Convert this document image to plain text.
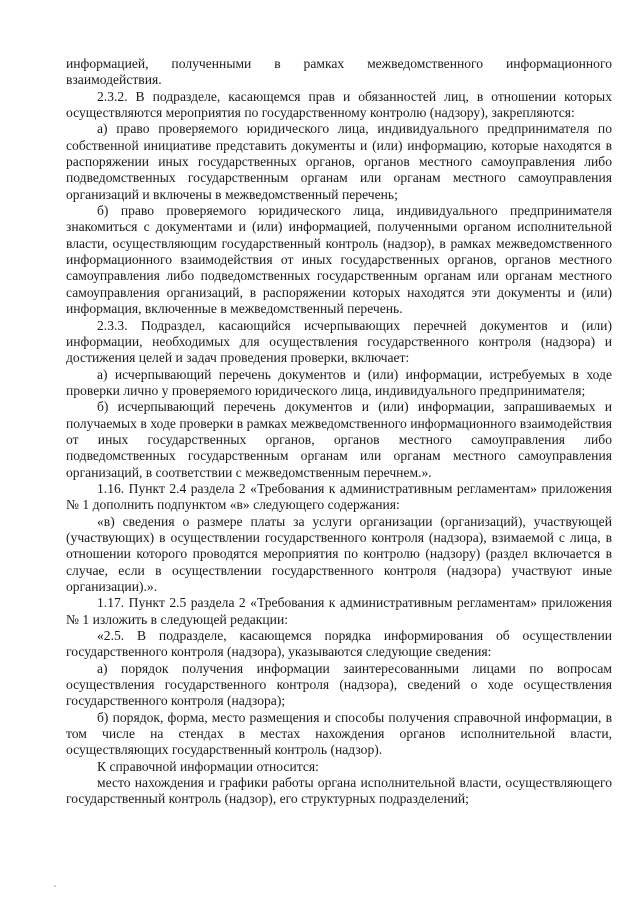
информацией, полученными в рамках межведомственного информационного взаимодействия.

2.3.2. В подразделе, касающемся прав и обязанностей лиц, в отношении которых осуществляются мероприятия по государственному контролю (надзору), закрепляются:

а) право проверяемого юридического лица, индивидуального предпринимателя по собственной инициативе представить документы и (или) информацию, которые находятся в распоряжении иных государственных органов, органов местного самоуправления либо подведомственных государственным органам или органам местного самоуправления организаций и включены в межведомственный перечень;

б) право проверяемого юридического лица, индивидуального предпринимателя знакомиться с документами и (или) информацией, полученными органом исполнительной власти, осуществляющим государственный контроль (надзор), в рамках межведомственного информационного взаимодействия от иных государственных органов, органов местного самоуправления либо подведомственных государственным органам или органам местного самоуправления организаций, в распоряжении которых находятся эти документы и (или) информация, включенные в межведомственный перечень.

2.3.3. Подраздел, касающийся исчерпывающих перечней документов и (или) информации, необходимых для осуществления государственного контроля (надзора) и достижения целей и задач проведения проверки, включает:

а) исчерпывающий перечень документов и (или) информации, истребуемых в ходе проверки лично у проверяемого юридического лица, индивидуального предпринимателя;

б) исчерпывающий перечень документов и (или) информации, запрашиваемых и получаемых в ходе проверки в рамках межведомственного информационного взаимодействия от иных государственных органов, органов местного самоуправления либо подведомственных государственным органам или органам местного самоуправления организаций, в соответствии с межведомственным перечнем.».

1.16. Пункт 2.4 раздела 2 «Требования к административным регламентам» приложения № 1 дополнить подпунктом «в» следующего содержания:

«в) сведения о размере платы за услуги организации (организаций), участвующей (участвующих) в осуществлении государственного контроля (надзора), взимаемой с лица, в отношении которого проводятся мероприятия по контролю (надзору) (раздел включается в случае, если в осуществлении государственного контроля (надзора) участвуют иные организации).».

1.17. Пункт 2.5 раздела 2 «Требования к административным регламентам» приложения № 1 изложить в следующей редакции:

«2.5. В подразделе, касающемся порядка информирования об осуществлении государственного контроля (надзора), указываются следующие сведения:

а) порядок получения информации заинтересованными лицами по вопросам осуществления государственного контроля (надзора), сведений о ходе осуществления государственного контроля (надзора);

б) порядок, форма, место размещения и способы получения справочной информации, в том числе на стендах в местах нахождения органов исполнительной власти, осуществляющих государственный контроль (надзор).

К справочной информации относится:

место нахождения и графики работы органа исполнительной власти, осуществляющего государственный контроль (надзор), его структурных подразделений;
